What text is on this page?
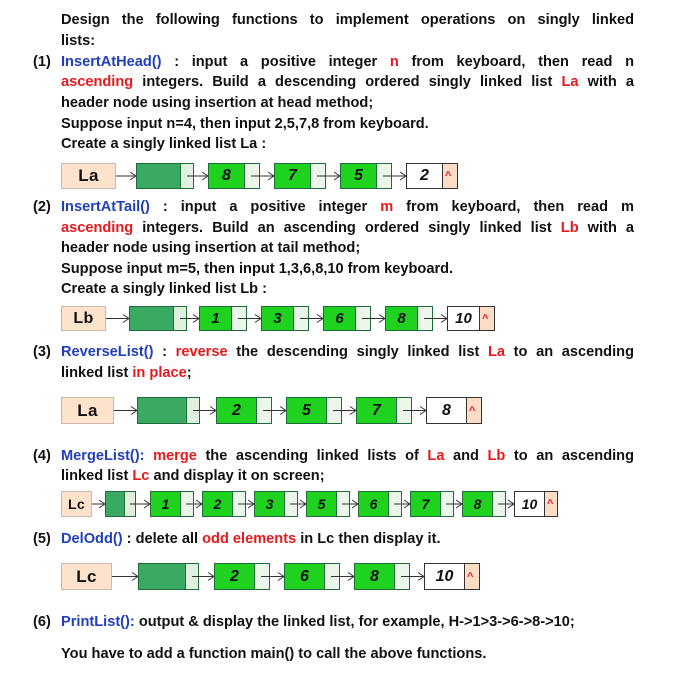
Design the following functions to implement operations on singly linked
lists:
(1) InsertAtHead() : input a positive integer n from keyboard, then read n
ascending integers. Build a descending ordered singly linked list La with a
header node using insertion at head method;
Suppose input n=4, then input 2,5,7,8 from keyboard.
Create a singly linked list La :
(2) InsertAtTail() : input a positive integer m from keyboard, then read m
ascending integers. Build an ascending ordered singly linked list Lb with a
header node using insertion at tail method;
Suppose input m=5, then input 1,3,6,8,10 from keyboard.
Create a singly linked list Lb :
(3) ReverseList() : reverse the descending singly linked list La to an ascending
linked list in place;
(4) MergeList(): merge the ascending linked lists of La and Lb to an ascending
linked list Lc and display it on screen;
(5) DelOdd() : delete all odd elements in Lc then display it.
(6) PrintList(): output & display the linked list, for example, H->1>3->6->8->10;
You have to add a function main() to call the above functions.
La	8	7	5	2	^
Lb	1	3	6	8	10 ^
La	2	5	7	8	^
Lc	1	2	3	5	6	7	8	10 ^
Lc	2	6	8	10	^
